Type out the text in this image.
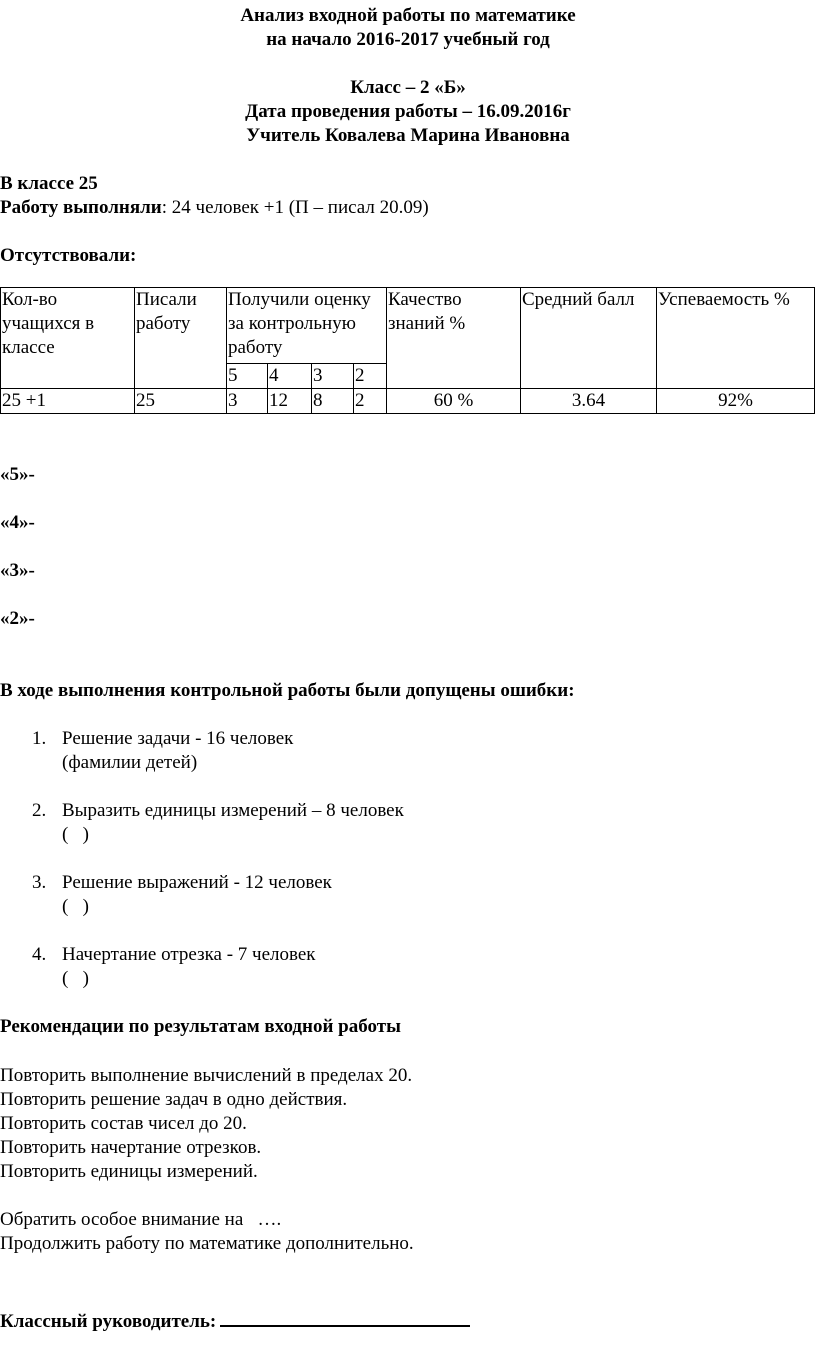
Анализ входной работы по математике
на начало 2016-2017 учебный год
Класс – 2 «Б»
Дата проведения работы – 16.09.2016г
Учитель Ковалева Марина Ивановна
В классе 25
Работу выполняли: 24 человек +1 (П – писал 20.09)
Отсутствовали:
Кол-во учащихся в классе	Писали работу	Получили оценку за контрольную работу				Качество знаний %	Средний балл	Успеваемость %
		5	4	3	2			
25 +1	25	3	12	8	2	60 %	3.64	92%
«5»-
«4»-
«3»-
«2»-
В ходе выполнения контрольной работы были допущены ошибки:
1. Решение задачи - 16 человек
(фамилии детей)
2. Выразить единицы измерений – 8 человек
(   )
3. Решение выражений - 12 человек
(   )
4. Начертание отрезка - 7 человек
(   )
Рекомендации по результатам входной работы
Повторить выполнение вычислений в пределах 20.
Повторить решение задач в одно действия.
Повторить состав чисел до 20.
Повторить начертание отрезков.
Повторить единицы измерений.
Обратить особое внимание на   ….
Продолжить работу по математике дополнительно.
Классный руководитель:
